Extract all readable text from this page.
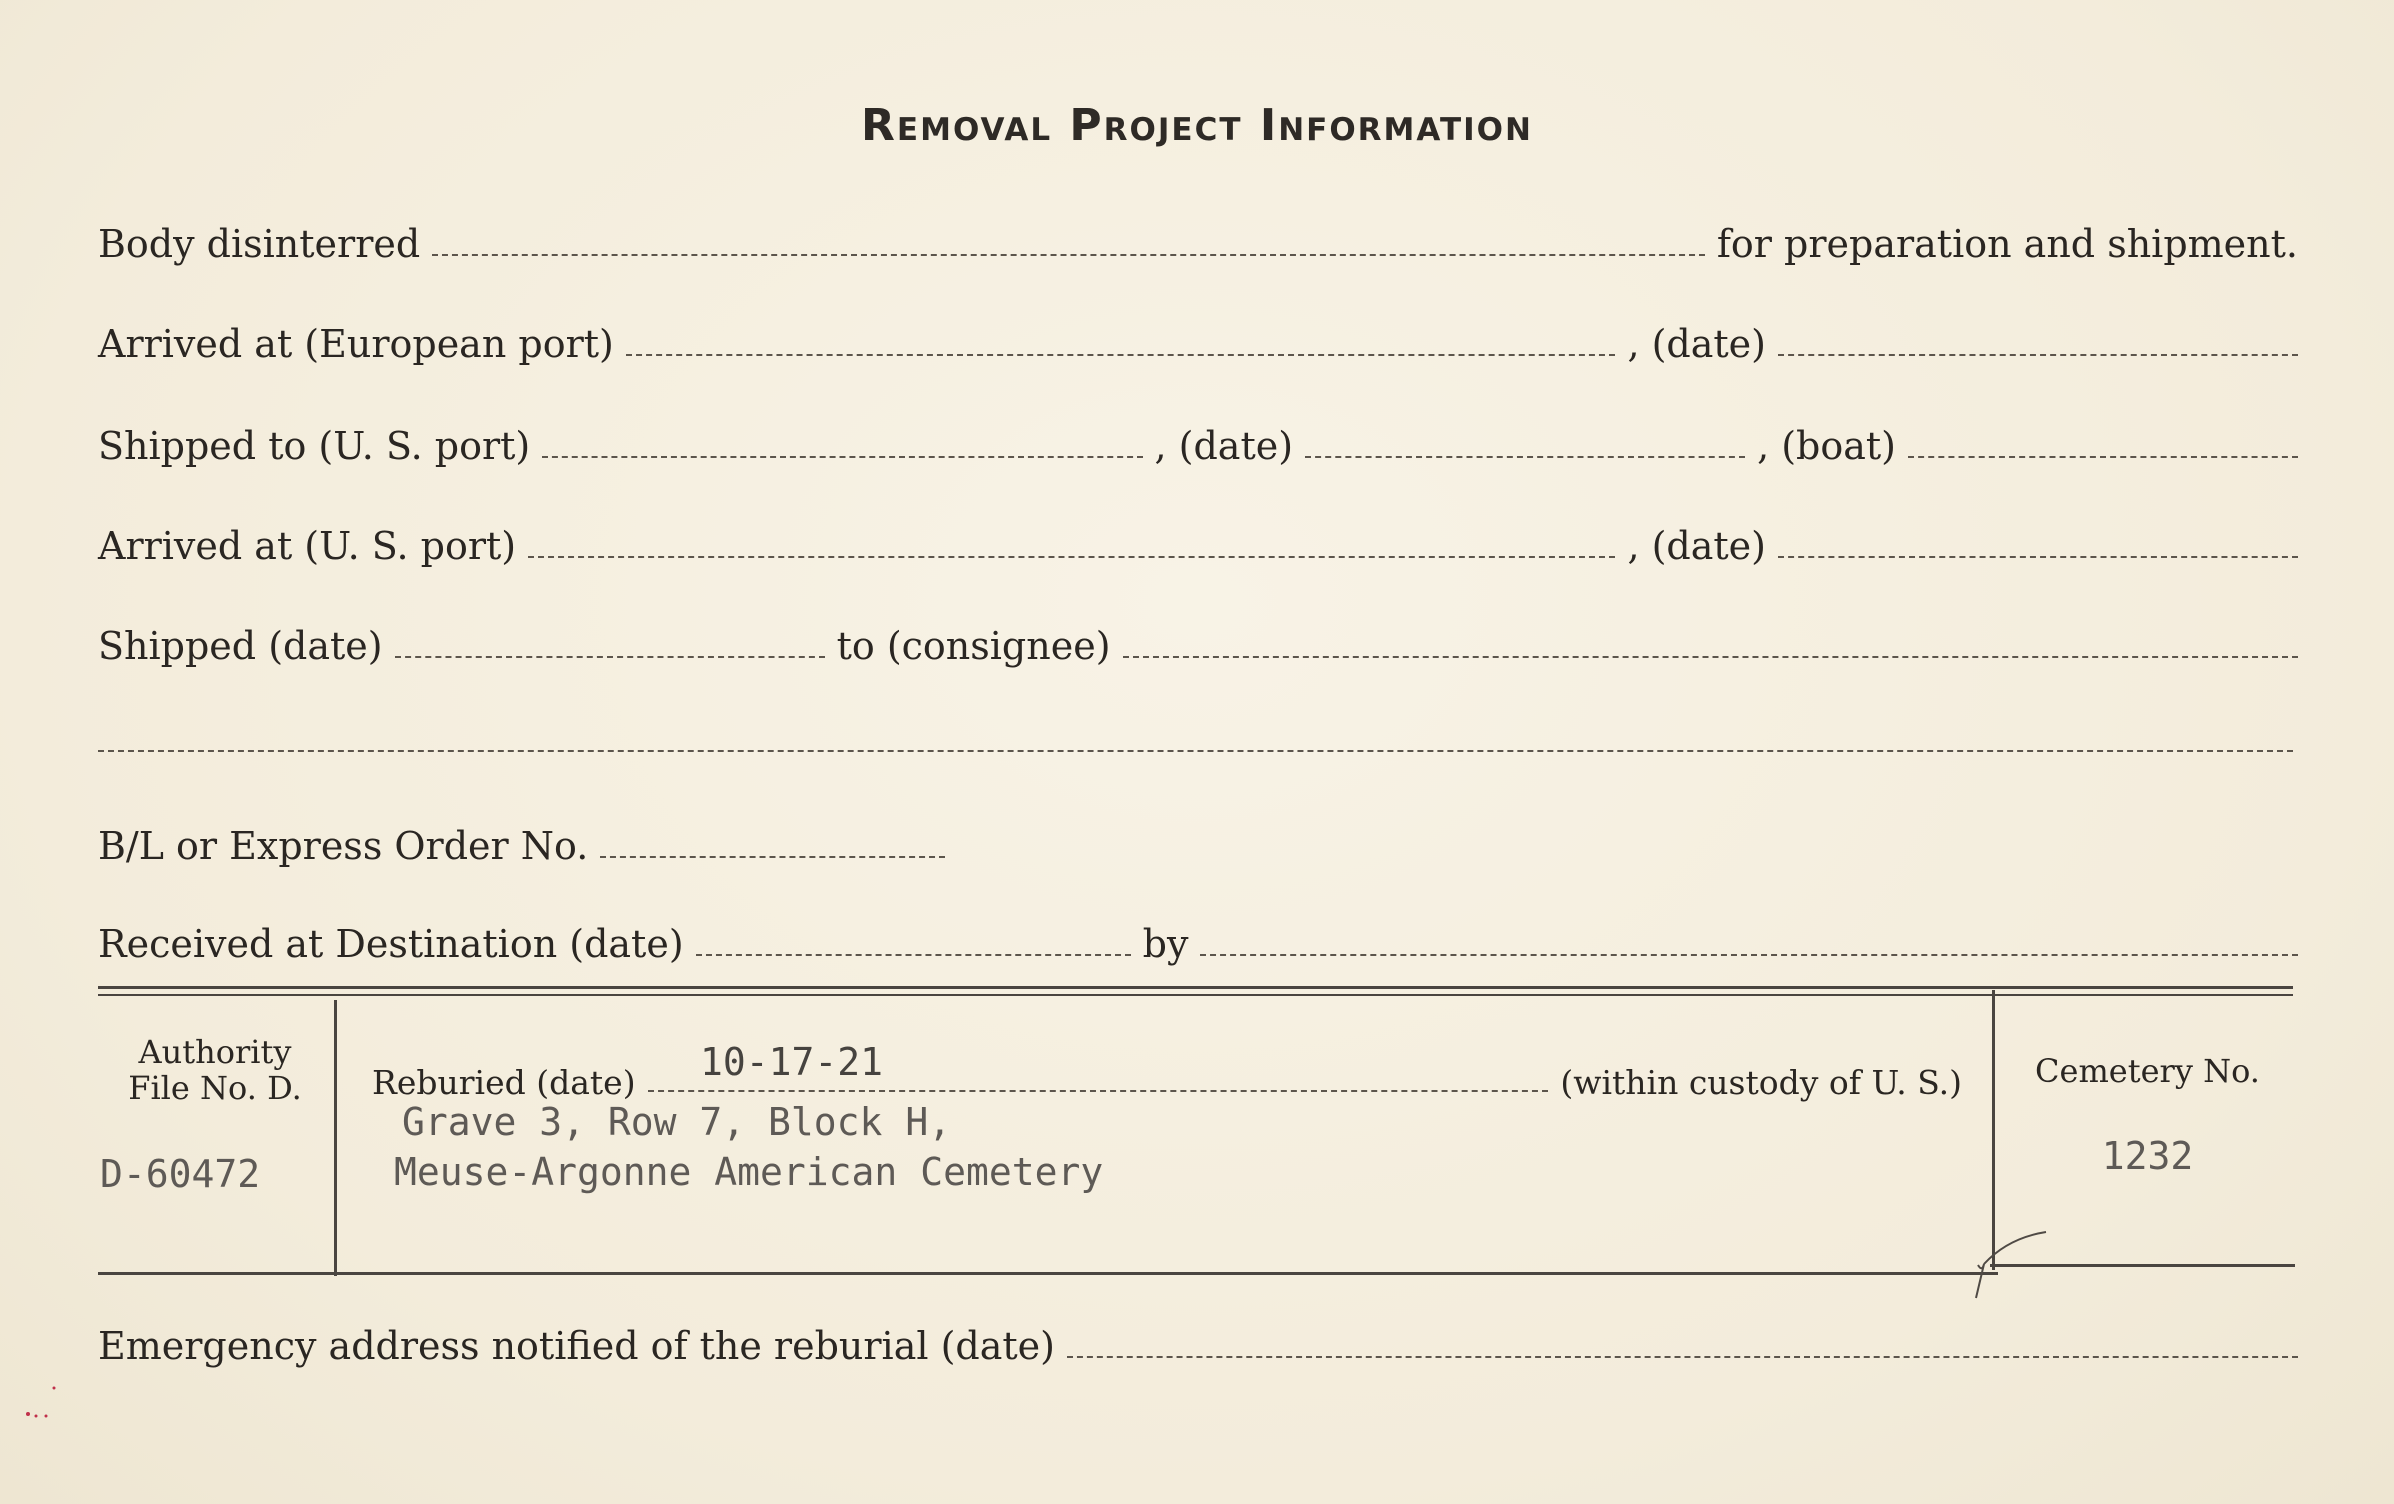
Removal Project Information
Body disinterred	for preparation and shipment.
Arrived at (European port)	, (date)
Shipped to (U. S. port)	, (date)	, (boat)
Arrived at (U. S. port)	, (date)
Shipped (date)	to (consignee)
B/L or Express Order No.
Received at Destination (date)	by
Authority
File No. D.
D-60472
Reburied (date)	(within custody of U. S.)
10-17-21
Grave 3, Row 7, Block H,
Meuse-Argonne American Cemetery
Cemetery No.
1232
Emergency address notified of the reburial (date)
